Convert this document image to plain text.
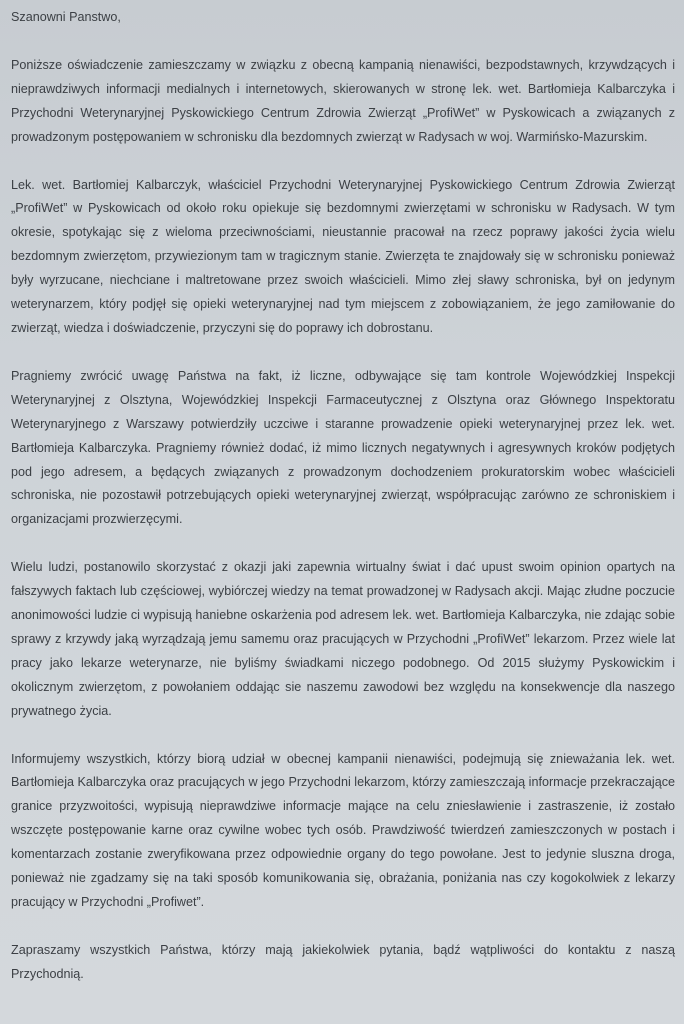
Szanowni Panstwo,

Poniższe oświadczenie zamieszczamy w związku z obecną kampanią nienawiści, bezpodstawnych, krzywdzących i nieprawdziwych informacji medialnych i internetowych, skierowanych w stronę lek. wet. Bartłomieja Kalbarczyka i Przychodni Weterynaryjnej Pyskowickiego Centrum Zdrowia Zwierząt „ProfiWet” w Pyskowicach a związanych z prowadzonym postępowaniem w schronisku dla bezdomnych zwierząt w Radysach w woj. Warmińsko-Mazurskim.

Lek. wet. Bartłomiej Kalbarczyk, właściciel Przychodni Weterynaryjnej Pyskowickiego Centrum Zdrowia Zwierząt „ProfiWet” w Pyskowicach od około roku opiekuje się bezdomnymi zwierzętami w schronisku w Radysach. W tym okresie, spotykając się z wieloma przeciwnościami, nieustannie pracował na rzecz poprawy jakości życia wielu bezdomnym zwierzętom, przywiezionym tam w tragicznym stanie. Zwierzęta te znajdowały się w schronisku ponieważ były wyrzucane, niechciane i maltretowane przez swoich właścicieli. Mimo złej sławy schroniska, był on jedynym weterynarzem, który podjęł się opieki weterynaryjnej nad tym miejscem z zobowiązaniem, że jego zamiłowanie do zwierząt, wiedza i doświadczenie, przyczyni się do poprawy ich dobrostanu.

Pragniemy zwrócić uwagę Państwa na fakt, iż liczne, odbywające się tam kontrole Wojewódzkiej Inspekcji Weterynaryjnej z Olsztyna, Wojewódzkiej Inspekcji Farmaceutycznej z Olsztyna oraz Głównego Inspektoratu Weterynaryjnego z Warszawy potwierdziły uczciwe i staranne prowadzenie opieki weterynaryjnej przez lek. wet. Bartłomieja Kalbarczyka. Pragniemy również dodać, iż mimo licznych negatywnych i agresywnych kroków podjętych pod jego adresem, a będących związanych z prowadzonym dochodzeniem prokuratorskim wobec właścicieli schroniska, nie pozostawił potrzebujących opieki weterynaryjnej zwierząt, współpracując zarówno ze schroniskiem i organizacjami prozwierzęcymi.

Wielu ludzi, postanowilo skorzystać z okazji jaki zapewnia wirtualny świat i dać upust swoim opinion opartych na fałszywych faktach lub częściowej, wybiórczej wiedzy na temat prowadzonej w Radysach akcji. Mając złudne poczucie anonimowości ludzie ci wypisują haniebne oskarżenia pod adresem lek. wet. Bartłomieja Kalbarczyka, nie zdając sobie sprawy z krzywdy jaką wyrządzają jemu samemu oraz pracujących w Przychodni „ProfiWet” lekarzom. Przez wiele lat pracy jako lekarze weterynarze, nie byliśmy świadkami niczego podobnego. Od 2015 służymy Pyskowickim i okolicznym zwierzętom, z powołaniem oddając sie naszemu zawodowi bez względu na konsekwencje dla naszego prywatnego życia.

Informujemy wszystkich, którzy biorą udział w obecnej kampanii nienawiści, podejmują się znieważania lek. wet. Bartłomieja Kalbarczyka oraz pracujących w jego Przychodni lekarzom, którzy zamieszczają informacje przekraczające granice przyzwoitości, wypisują nieprawdziwe informacje mające na celu zniesławienie i zastraszenie, iż zostało wszczęte postępowanie karne oraz cywilne wobec tych osób. Prawdziwość twierdzeń zamieszczonych w postach i komentarzach zostanie zweryfikowana przez odpowiednie organy do tego powołane. Jest to jedynie sluszna droga, ponieważ nie zgadzamy się na taki sposób komunikowania się, obrażania, poniżania nas czy kogokolwiek z lekarzy pracujący w Przychodni „Profiwet”.

Zapraszamy wszystkich Państwa, którzy mają jakiekolwiek pytania, bądź wątpliwości do kontaktu z naszą Przychodnią.
